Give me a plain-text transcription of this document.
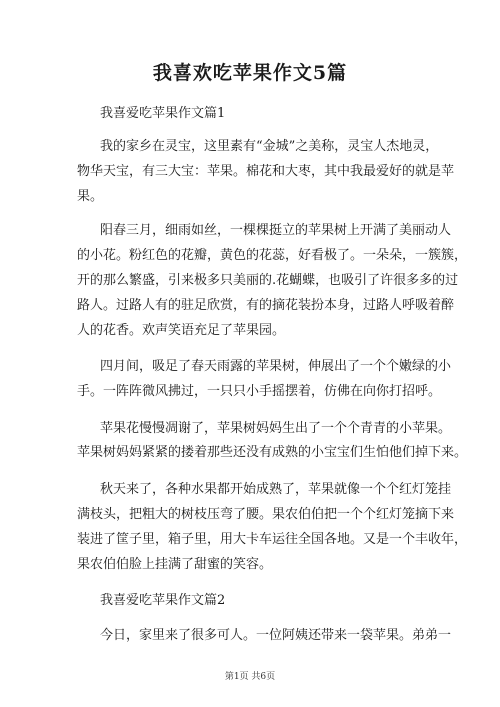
我喜欢吃苹果作文5篇
我喜爱吃苹果作文篇1
我的家乡在灵宝，这里素有“金城”之美称，灵宝人杰地灵，
物华天宝，有三大宝：苹果。棉花和大枣，其中我最爱好的就是苹
果。
阳春三月，细雨如丝，一棵棵挺立的苹果树上开满了美丽动人
的小花。粉红色的花瓣，黄色的花蕊，好看极了。一朵朵，一簇簇，
开的那么繁盛，引来极多只美丽的.花蝴蝶，也吸引了许很多多的过
路人。过路人有的驻足欣赏，有的摘花装扮本身，过路人呼吸着醉
人的花香。欢声笑语充足了苹果园。
四月间，吸足了春天雨露的苹果树，伸展出了一个个嫩绿的小
手。一阵阵微风拂过，一只只小手摇摆着，仿佛在向你打招呼。
苹果花慢慢凋谢了，苹果树妈妈生出了一个个青青的小苹果。
苹果树妈妈紧紧的搂着那些还没有成熟的小宝宝们生怕他们掉下来。
秋天来了，各种水果都开始成熟了，苹果就像一个个红灯笼挂
满枝头，把粗大的树枝压弯了腰。果农伯伯把一个个红灯笼摘下来
装进了筐子里，箱子里，用大卡车运往全国各地。又是一个丰收年，
果农伯伯脸上挂满了甜蜜的笑容。
我喜爱吃苹果作文篇2
今日，家里来了很多可人。一位阿姨还带来一袋苹果。弟弟一
第1页 共6页
